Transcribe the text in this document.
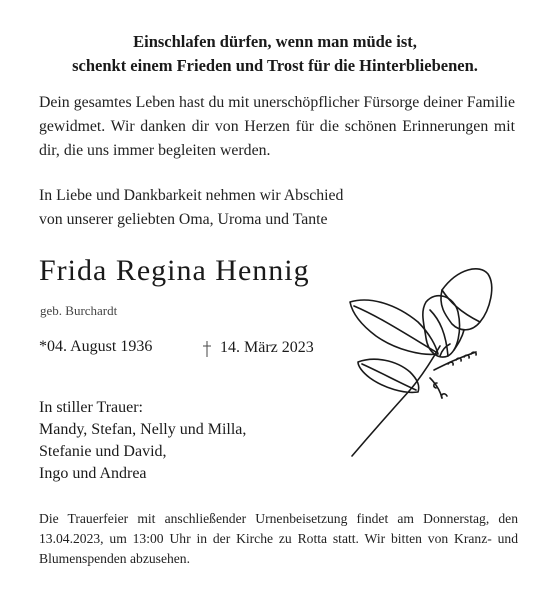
Einschlafen dürfen, wenn man müde ist,
schenkt einem Frieden und Trost für die Hinterbliebenen.
Dein gesamtes Leben hast du mit unerschöpflicher Fürsorge deiner Familie gewidmet. Wir danken dir von Herzen für die schönen Erinnerungen mit dir, die uns immer begleiten werden.
In Liebe und Dankbarkeit nehmen wir Abschied
von unserer geliebten Oma, Uroma und Tante
Frida Regina Hennig
geb. Burchardt
*04. August 1936	14. März 2023
In stiller Trauer:
Mandy, Stefan, Nelly und Milla,
Stefanie und David,
Ingo und Andrea
Die Trauerfeier mit anschließender Urnenbeisetzung findet am Donnerstag, den 13.04.2023, um 13:00 Uhr in der Kirche zu Rotta statt. Wir bitten von Kranz- und Blumenspenden abzusehen.
